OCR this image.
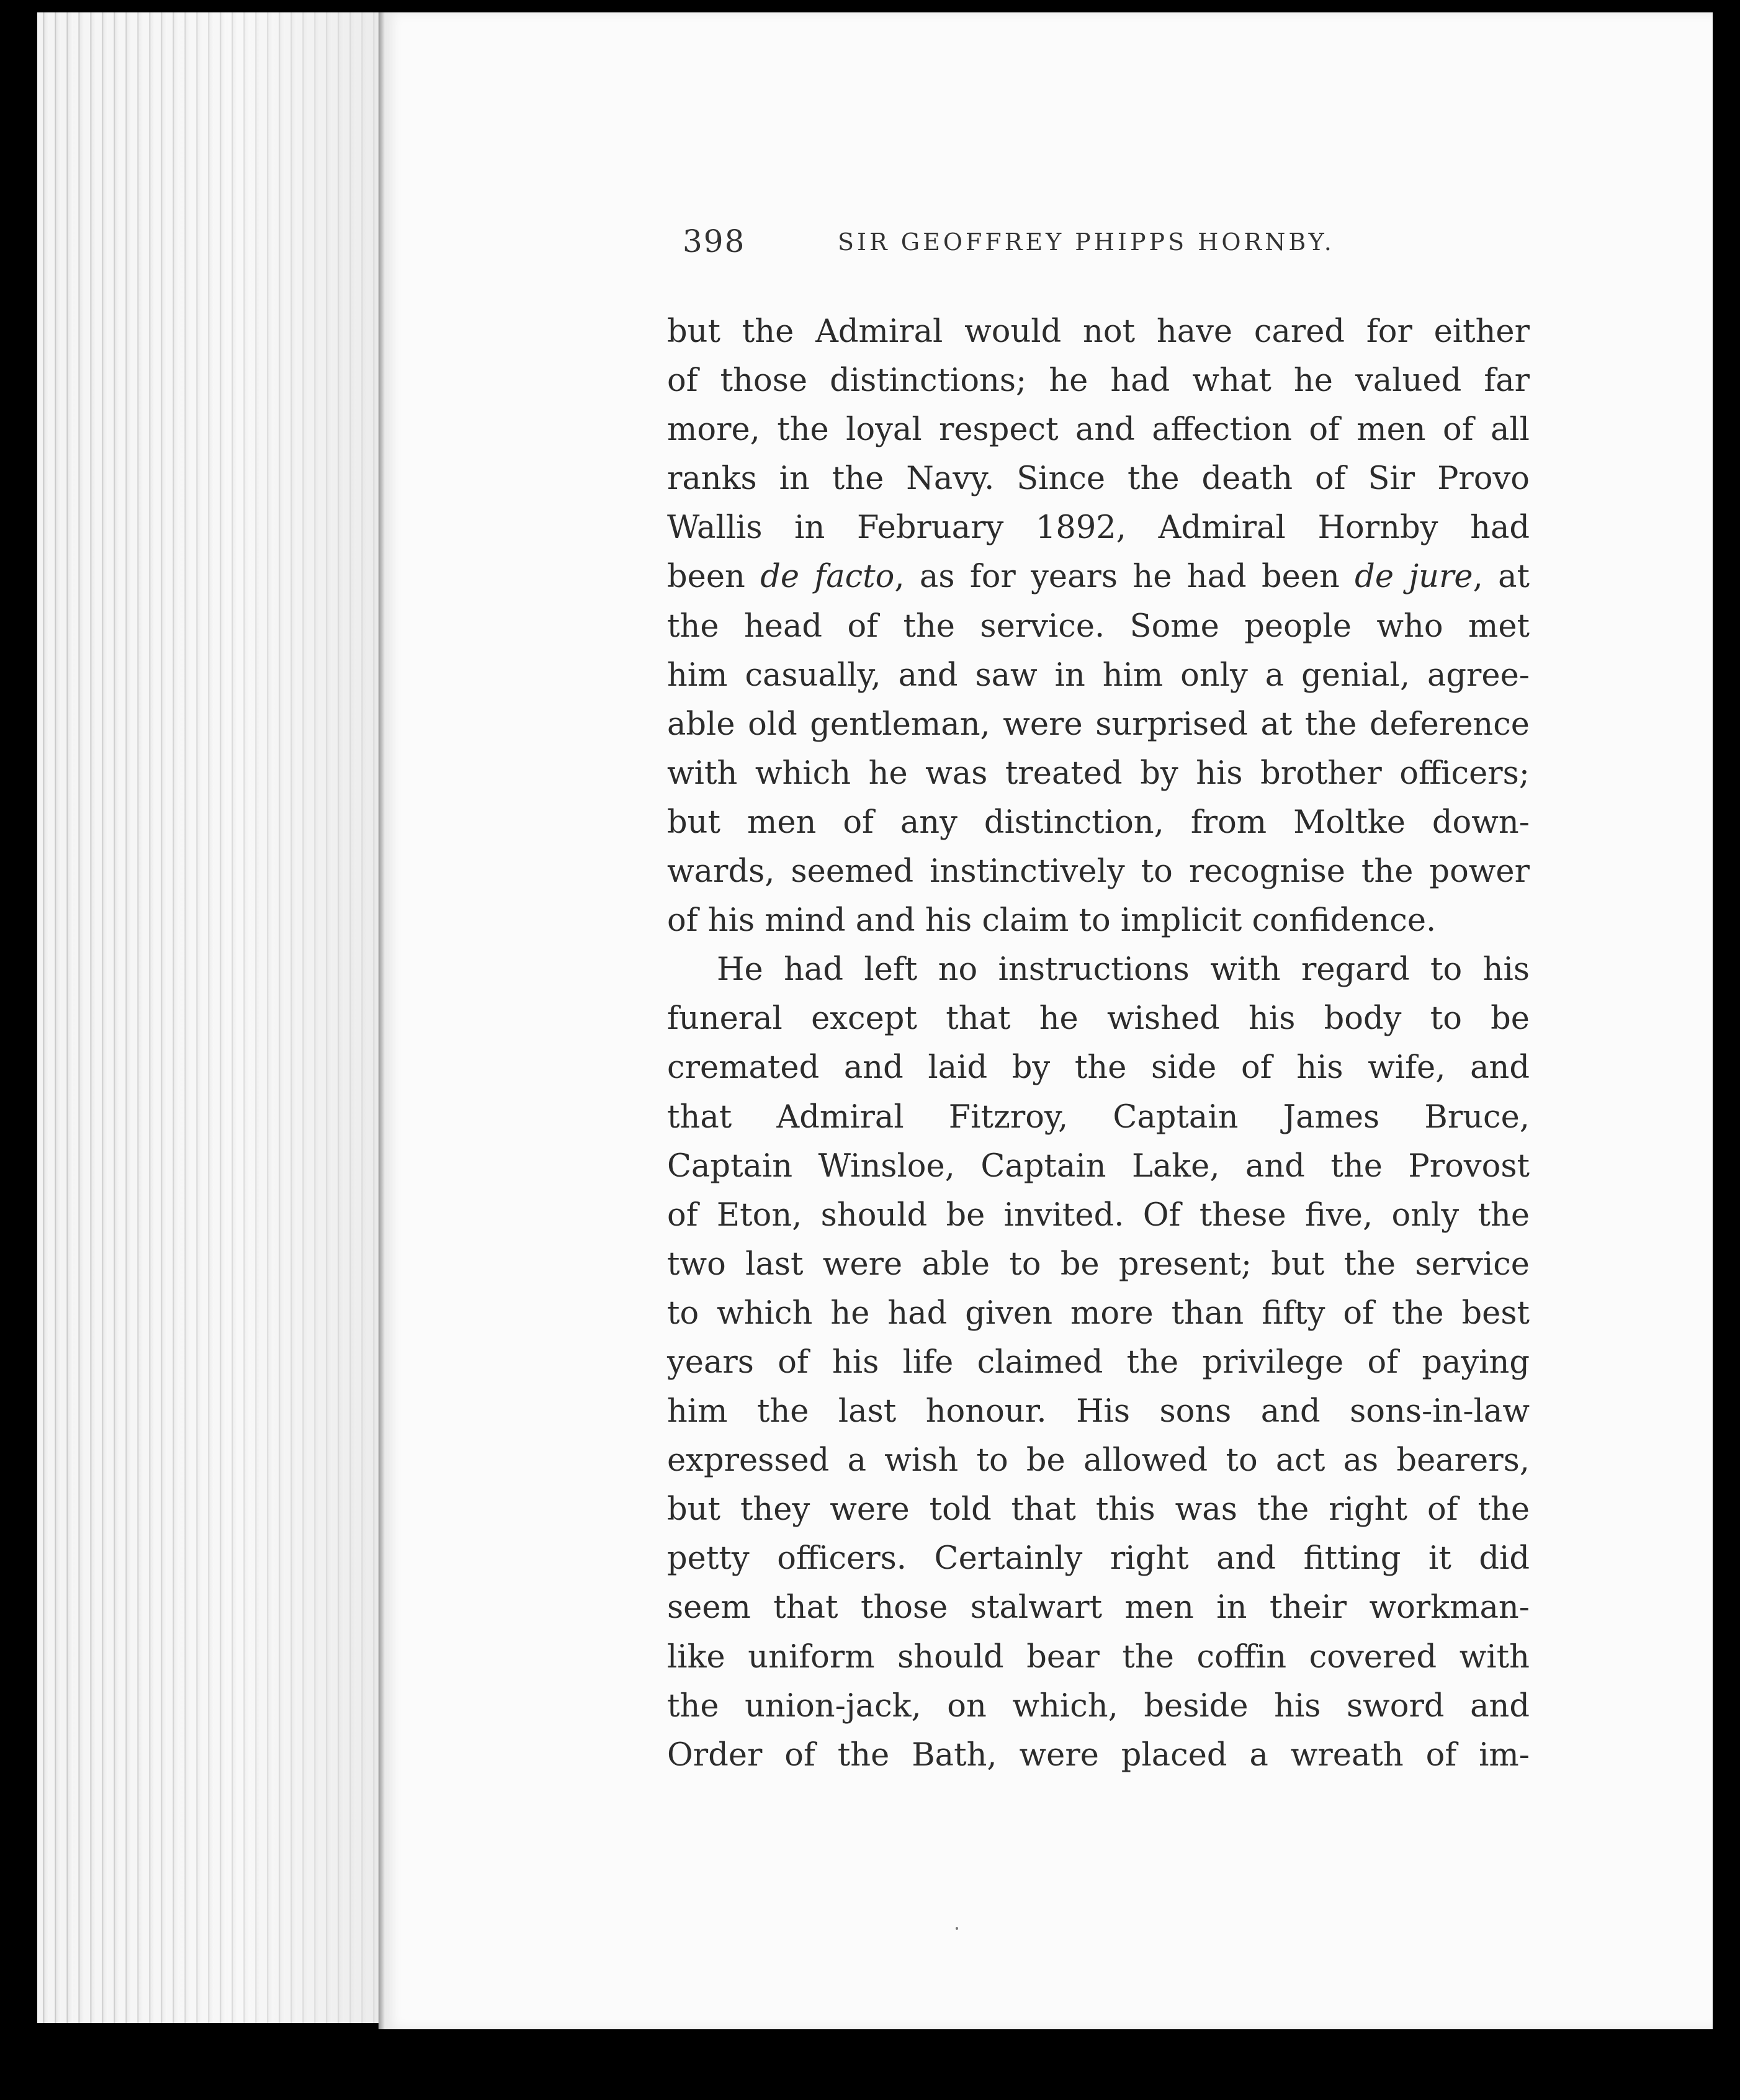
398	SIR GEOFFREY PHIPPS HORNBY.
but the Admiral would not have cared for either
of those distinctions; he had what he valued far
more, the loyal respect and affection of men of all
ranks in the Navy. Since the death of Sir Provo
Wallis in February 1892, Admiral Hornby had
been de facto, as for years he had been de jure, at
the head of the service. Some people who met
him casually, and saw in him only a genial, agree-
able old gentleman, were surprised at the deference
with which he was treated by his brother officers;
but men of any distinction, from Moltke down-
wards, seemed instinctively to recognise the power
of his mind and his claim to implicit confidence.
He had left no instructions with regard to his
funeral except that he wished his body to be
cremated and laid by the side of his wife, and
that Admiral Fitzroy, Captain James Bruce,
Captain Winsloe, Captain Lake, and the Provost
of Eton, should be invited. Of these five, only the
two last were able to be present; but the service
to which he had given more than fifty of the best
years of his life claimed the privilege of paying
him the last honour. His sons and sons-in-law
expressed a wish to be allowed to act as bearers,
but they were told that this was the right of the
petty officers. Certainly right and fitting it did
seem that those stalwart men in their workman-
like uniform should bear the coffin covered with
the union-jack, on which, beside his sword and
Order of the Bath, were placed a wreath of im-
